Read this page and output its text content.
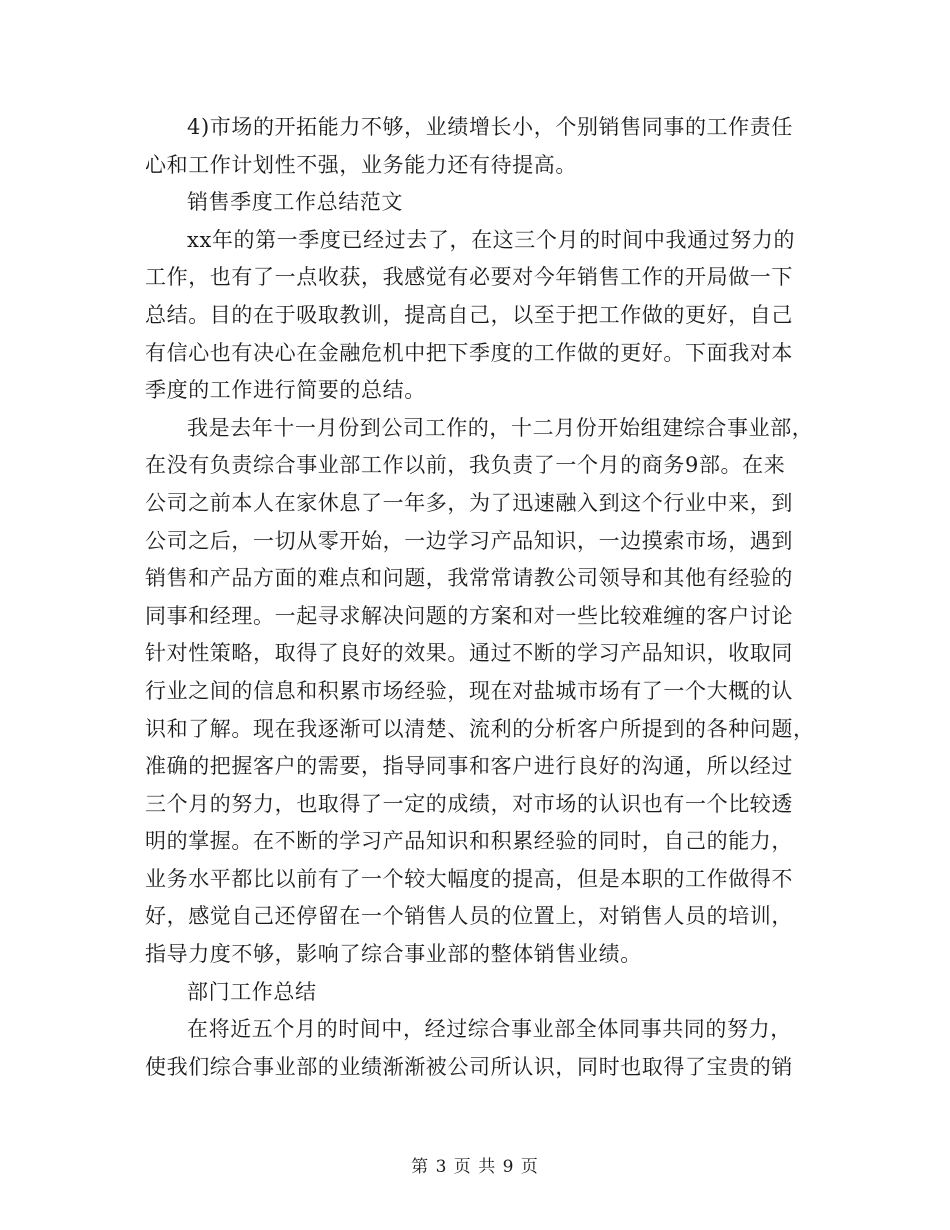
4)市场的开拓能力不够，业绩增长小，个别销售同事的工作责任
心和工作计划性不强，业务能力还有待提高。
销售季度工作总结范文
xx年的第一季度已经过去了，在这三个月的时间中我通过努力的
工作，也有了一点收获，我感觉有必要对今年销售工作的开局做一下
总结。目的在于吸取教训，提高自己，以至于把工作做的更好，自己
有信心也有决心在金融危机中把下季度的工作做的更好。下面我对本
季度的工作进行简要的总结。
我是去年十一月份到公司工作的，十二月份开始组建综合事业部，
在没有负责综合事业部工作以前，我负责了一个月的商务9部。在来
公司之前本人在家休息了一年多，为了迅速融入到这个行业中来，到
公司之后，一切从零开始，一边学习产品知识，一边摸索市场，遇到
销售和产品方面的难点和问题，我常常请教公司领导和其他有经验的
同事和经理。一起寻求解决问题的方案和对一些比较难缠的客户讨论
针对性策略，取得了良好的效果。通过不断的学习产品知识，收取同
行业之间的信息和积累市场经验，现在对盐城市场有了一个大概的认
识和了解。现在我逐渐可以清楚、流利的分析客户所提到的各种问题，
准确的把握客户的需要，指导同事和客户进行良好的沟通，所以经过
三个月的努力，也取得了一定的成绩，对市场的认识也有一个比较透
明的掌握。在不断的学习产品知识和积累经验的同时，自己的能力，
业务水平都比以前有了一个较大幅度的提高，但是本职的工作做得不
好，感觉自己还停留在一个销售人员的位置上，对销售人员的培训，
指导力度不够，影响了综合事业部的整体销售业绩。
部门工作总结
在将近五个月的时间中，经过综合事业部全体同事共同的努力，
使我们综合事业部的业绩渐渐被公司所认识，同时也取得了宝贵的销
第 3 页 共 9 页
